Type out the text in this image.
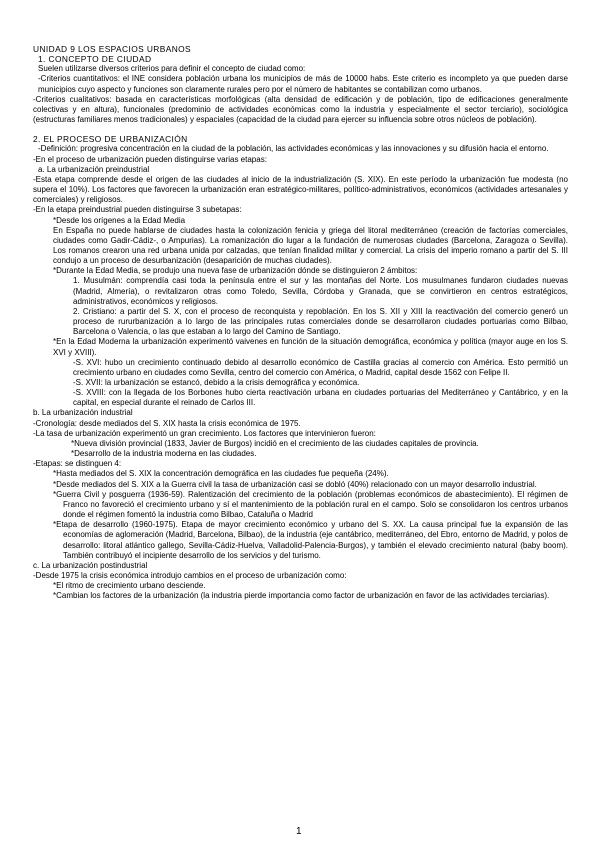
UNIDAD 9 LOS ESPACIOS URBANOS
1. CONCEPTO DE CIUDAD
Suelen utilizarse diversos criterios para definir el concepto de ciudad como:
-Criterios cuantitativos: el INE considera población urbana los municipios de más de 10000 habs. Este criterio es incompleto ya que pueden darse municipios cuyo aspecto y funciones son claramente rurales pero por el número de habitantes se contabilizan como urbanos.
-Criterios cualitativos: basada en características morfológicas (alta densidad de edificación y de población, tipo de edificaciones generalmente colectivas y en altura), funcionales (predominio de actividades económicas como la industria y especialmente el sector terciario), sociológica (estructuras familiares menos tradicionales) y espaciales (capacidad de la ciudad para ejercer su influencia sobre otros núcleos de población).
2. EL PROCESO DE URBANIZACIÓN
-Definición: progresiva concentración en la ciudad de la población, las actividades económicas y las innovaciones y su difusión hacia el entorno.
-En el proceso de urbanización pueden distinguirse varias etapas:
a. La urbanización preindustrial
-Esta etapa comprende desde el origen de las ciudades al inicio de la industrialización (S. XIX). En este período la urbanización fue modesta (no supera el 10%). Los factores que favorecen la urbanización eran estratégico-militares, político-administrativos, económicos (actividades artesanales y comerciales) y religiosos.
-En la etapa preindustrial pueden distinguirse 3 subetapas:
*Desde los orígenes a la Edad Media
En España no puede hablarse de ciudades hasta la colonización fenicia y griega del litoral mediterráneo (creación de factorías comerciales, ciudades como Gadir-Cádiz-, o Ampurias). La romanización dio lugar a la fundación de numerosas ciudades (Barcelona, Zaragoza o Sevilla). Los romanos crearon una red urbana unida por calzadas, que tenían finalidad militar y comercial. La crisis del imperio romano a partir del S. III condujo a un proceso de desurbanización (desaparición de muchas ciudades).
*Durante la Edad Media, se produjo una nueva fase de urbanización dónde se distinguieron 2 ámbitos:
1. Musulmán: comprendía casi toda la península entre el sur y las montañas del Norte. Los musulmanes fundaron ciudades nuevas (Madrid, Almería), o revitalizaron otras como Toledo, Sevilla, Córdoba y Granada, que se convirtieron en centros estratégicos, administrativos, económicos y religiosos.
2. Cristiano: a partir del S. X, con el proceso de reconquista y repoblación. En los S. XII y XIII la reactivación del comercio generó un proceso de rururbanización a lo largo de las principales rutas comerciales donde se desarrollaron ciudades portuarias como Bilbao, Barcelona o Valencia, o las que estaban a lo largo del Camino de Santiago.
*En la Edad Moderna la urbanización experimentó vaivenes en función de la situación demográfica, económica y política (mayor auge en los S. XVI y XVIII).
-S. XVI: hubo un crecimiento continuado debido al desarrollo económico de Castilla gracias al comercio con América. Esto permitió un crecimiento urbano en ciudades como Sevilla, centro del comercio con América, o Madrid, capital desde 1562 con Felipe II.
-S. XVII: la urbanización se estancó, debido a la crisis demográfica y económica.
-S. XVIII: con la llegada de los Borbones hubo cierta reactivación urbana en ciudades portuarias del Mediterráneo y Cantábrico, y en la capital, en especial durante el reinado de Carlos III.
b. La urbanización industrial
-Cronología: desde mediados del S. XIX hasta la crisis económica de 1975.
-La tasa de urbanización experimentó un gran crecimiento. Los factores que intervinieron fueron:
*Nueva división provincial (1833, Javier de Burgos) incidió en el crecimiento de las ciudades capitales de provincia.
*Desarrollo de la industria moderna en las ciudades.
-Etapas: se distinguen 4:
*Hasta mediados del S. XIX la concentración demográfica en las ciudades fue pequeña (24%).
*Desde mediados del S. XIX a la Guerra civil la tasa de urbanización casi se dobló (40%) relacionado con un mayor desarrollo industrial.
*Guerra Civil y posguerra (1936-59). Ralentización del crecimiento de la población (problemas económicos de abastecimiento). El régimen de Franco no favoreció el crecimiento urbano y sí el mantenimiento de la población rural en el campo. Solo se consolidaron los centros urbanos donde el régimen fomentó la industria como Bilbao, Cataluña o Madrid
*Etapa de desarrollo (1960-1975). Etapa de mayor crecimiento económico y urbano del S. XX. La causa principal fue la expansión de las economías de aglomeración (Madrid, Barcelona, Bilbao), de la industria (eje cantábrico, mediterráneo, del Ebro, entorno de Madrid, y polos de desarrollo: litoral atlántico gallego, Sevilla-Cádiz-Huelva, Valladolid-Palencia-Burgos), y también el elevado crecimiento natural (baby boom). También contribuyó el incipiente desarrollo de los servicios y del turismo.
c. La urbanización postindustrial
-Desde 1975 la crisis económica introdujo cambios en el proceso de urbanización como:
*El ritmo de crecimiento urbano desciende.
*Cambian los factores de la urbanización (la industria pierde importancia como factor de urbanización en favor de las actividades terciarias).
1
